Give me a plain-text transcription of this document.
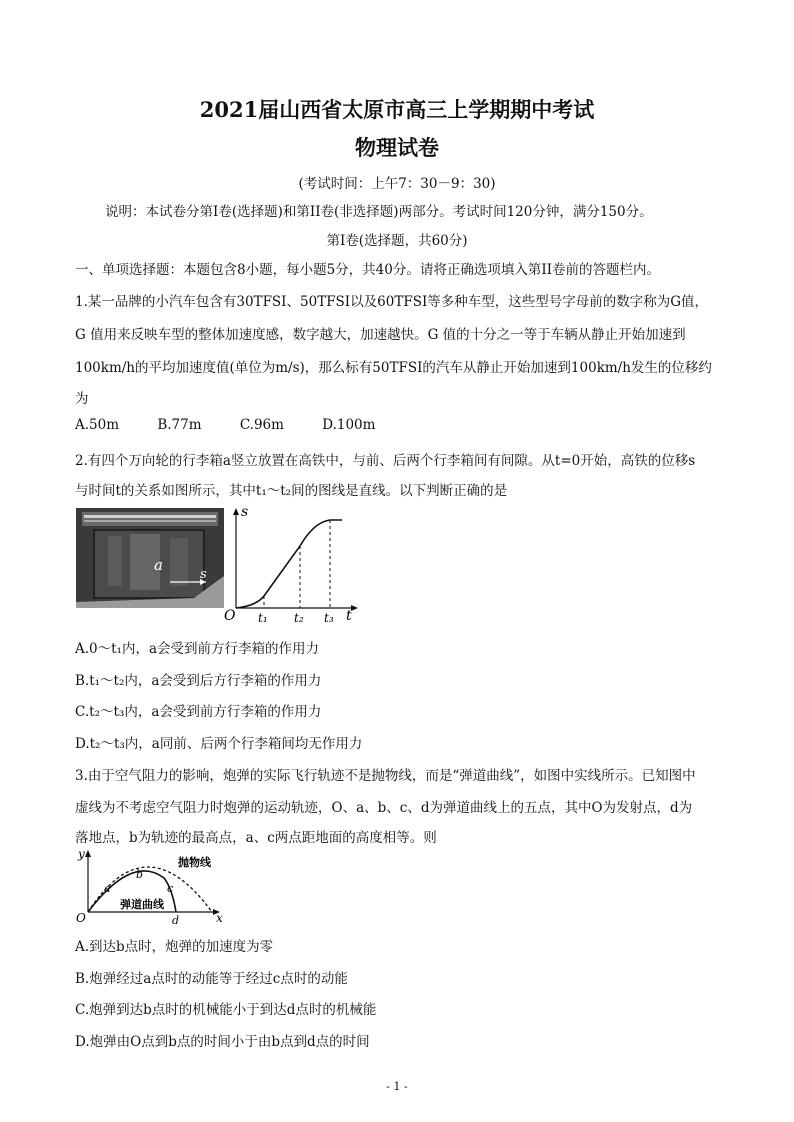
2021届山西省太原市高三上学期期中考试
物理试卷
(考试时间：上午7：30－9：30)
说明：本试卷分第I卷(选择题)和第II卷(非选择题)两部分。考试时间120分钟，满分150分。
第I卷(选择题，共60分)
一、单项选择题：本题包含8小题，每小题5分，共40分。请将正确选项填入第II卷前的答题栏内。
1.某一品牌的小汽车包含有30TFSI、50TFSI以及60TFSI等多种车型，这些型号字母前的数字称为G值，
G 值用来反映车型的整体加速度感，数字越大，加速越快。G 值的十分之一等于车辆从静止开始加速到
100km/h的平均加速度值(单位为m/s)，那么标有50TFSI的汽车从静止开始加速到100km/h发生的位移约
为
A.50m	B.77m	C.96m	D.100m
2.有四个万向轮的行李箱a竖立放置在高铁中，与前、后两个行李箱间有间隙。从t=0开始，高铁的位移s
与时间t的关系如图所示，其中t₁～t₂间的图线是直线。以下判断正确的是
a
s
s
t
O t₁ t₂ t₃
A.0～t₁内，a会受到前方行李箱的作用力
B.t₁～t₂内，a会受到后方行李箱的作用力
C.t₂～t₃内，a会受到前方行李箱的作用力
D.t₂～t₃内，a同前、后两个行李箱间均无作用力
3.由于空气阻力的影响，炮弹的实际飞行轨迹不是抛物线，而是“弹道曲线”，如图中实线所示。已知图中
虚线为不考虑空气阻力时炮弹的运动轨迹，O、a、b、c、d为弹道曲线上的五点，其中O为发射点，d为
落地点，b为轨迹的最高点，a、c两点距地面的高度相等。则
y
x
O
a
b
c
d
抛物线
弹道曲线
A.到达b点时，炮弹的加速度为零
B.炮弹经过a点时的动能等于经过c点时的动能
C.炮弹到达b点时的机械能小于到达d点时的机械能
D.炮弹由O点到b点的时间小于由b点到d点的时间
- 1 -
